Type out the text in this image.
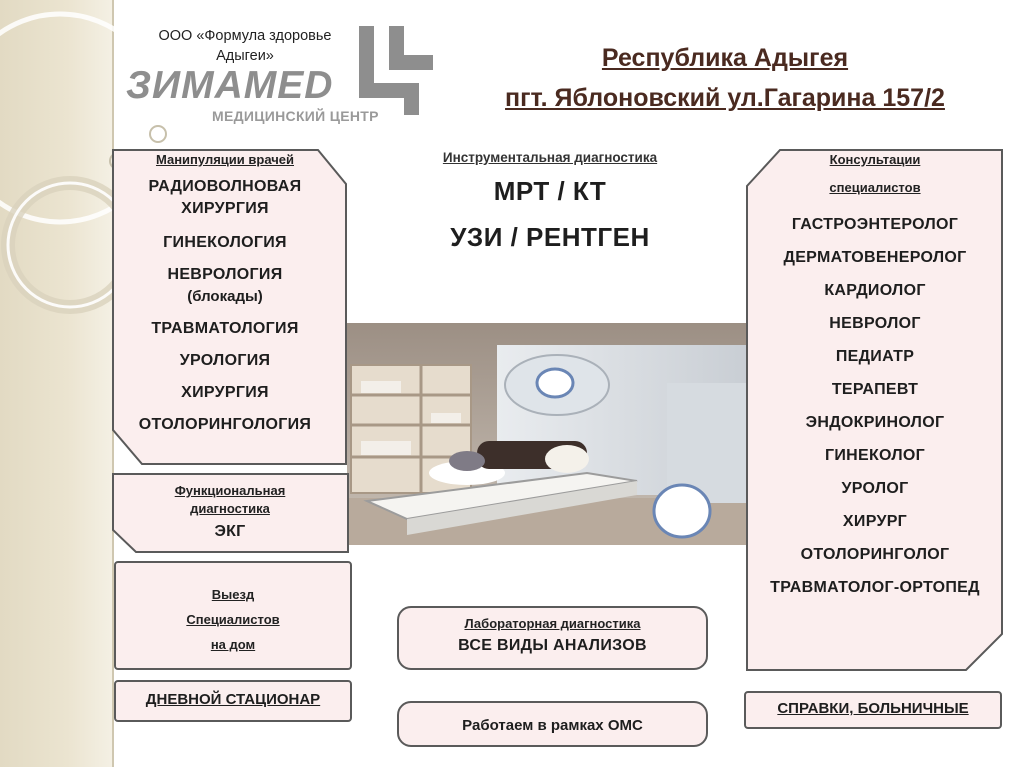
ООО «Формула здоровье
Адыгеи»
ЗИМАМЕD
МЕДИЦИНСКИЙ ЦЕНТР
Республика Адыгея
пгт. Яблоновский ул.Гагарина 157/2
Манипуляции врачей
РАДИОВОЛНОВАЯ
ХИРУРГИЯ
ГИНЕКОЛОГИЯ
НЕВРОЛОГИЯ
(блокады)
ТРАВМАТОЛОГИЯ
УРОЛОГИЯ
ХИРУРГИЯ
ОТОЛОРИНГОЛОГИЯ
Инструментальная диагностика
МРТ / КТ
УЗИ / РЕНТГЕН
Консультации
специалистов
ГАСТРОЭНТЕРОЛОГ
ДЕРМАТОВЕНЕРОЛОГ
КАРДИОЛОГ
НЕВРОЛОГ
ПЕДИАТР
ТЕРАПЕВТ
ЭНДОКРИНОЛОГ
ГИНЕКОЛОГ
УРОЛОГ
ХИРУРГ
ОТОЛОРИНГОЛОГ
ТРАВМАТОЛОГ-ОРТОПЕД
Функциональная
диагностика
ЭКГ
Выезд
Специалистов
на дом
ДНЕВНОЙ СТАЦИОНАР
Лабораторная диагностика
ВСЕ ВИДЫ АНАЛИЗОВ
Работаем в рамках ОМС
СПРАВКИ, БОЛЬНИЧНЫЕ
